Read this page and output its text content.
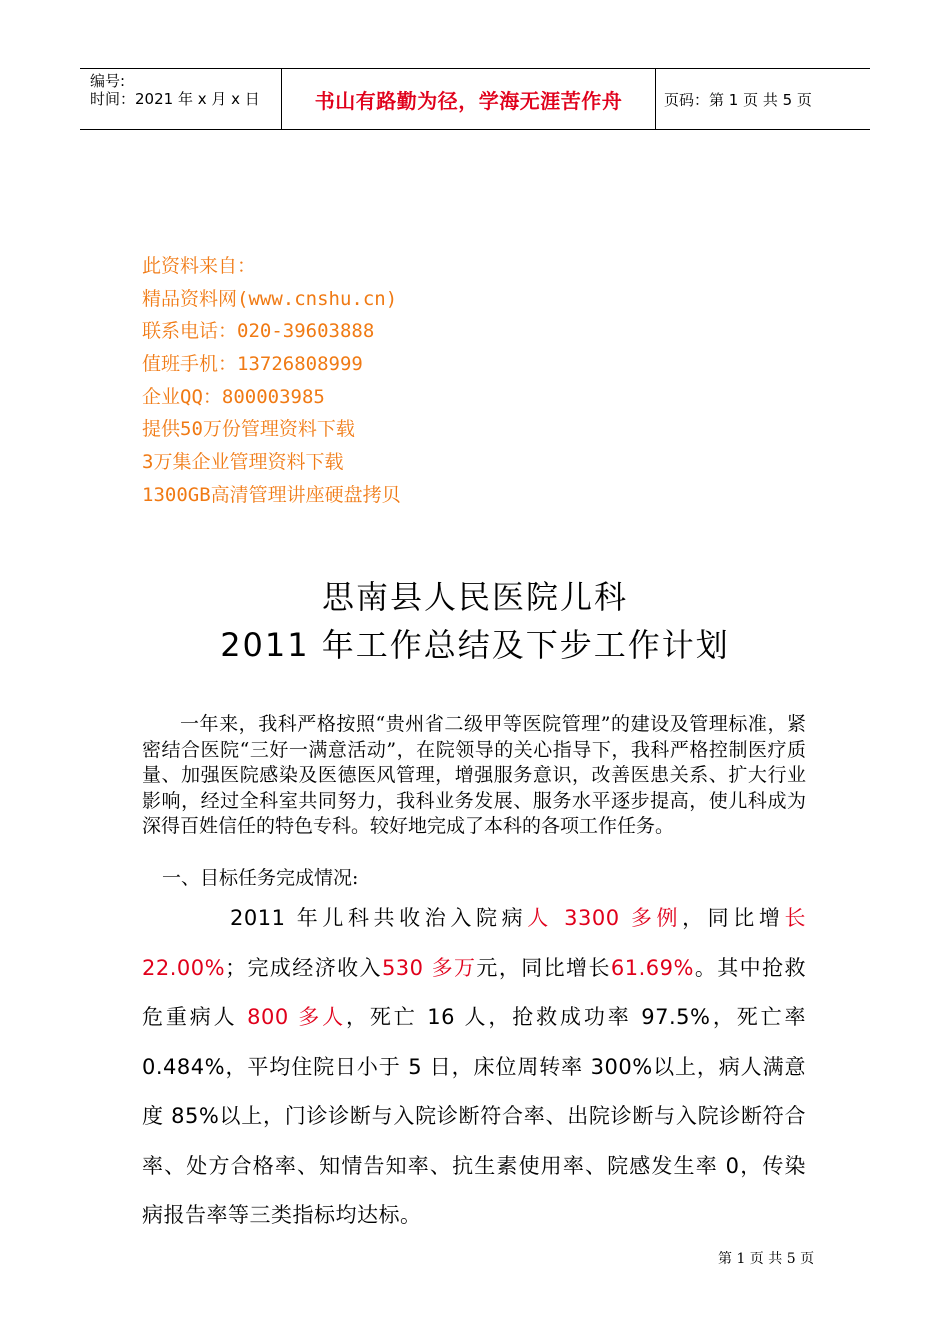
编号:
时间：2021 年 x 月 x 日	书山有路勤为径，学海无涯苦作舟	页码：第 1 页 共 5 页
此资料来自：
精品资料网(www.cnshu.cn)
联系电话：020-39603888
值班手机：13726808999
企业QQ：800003985
提供50万份管理资料下载
3万集企业管理资料下载
1300GB高清管理讲座硬盘拷贝
思南县人民医院儿科
2011 年工作总结及下步工作计划
一年来，我科严格按照“贵州省二级甲等医院管理”的建设及管理标准，紧密结合医院“三好一满意活动”，在院领导的关心指导下，我科严格控制医疗质量、加强医院感染及医德医风管理，增强服务意识，改善医患关系、扩大行业影响，经过全科室共同努力，我科业务发展、服务水平逐步提高，使儿科成为深得百姓信任的特色专科。较好地完成了本科的各项工作任务。
一、目标任务完成情况:
2011 年儿科共收治入院病人 3300 多例，同比增长22.00%；完成经济收入530 多万元，同比增长61.69%。其中抢救危重病人 800 多人，死亡 16 人，抢救成功率 97.5%，死亡率 0.484%，平均住院日小于 5 日，床位周转率 300%以上，病人满意度 85%以上，门诊诊断与入院诊断符合率、出院诊断与入院诊断符合率、处方合格率、知情告知率、抗生素使用率、院感发生率 0，传染病报告率等三类指标均达标。
第 1 页 共 5 页
